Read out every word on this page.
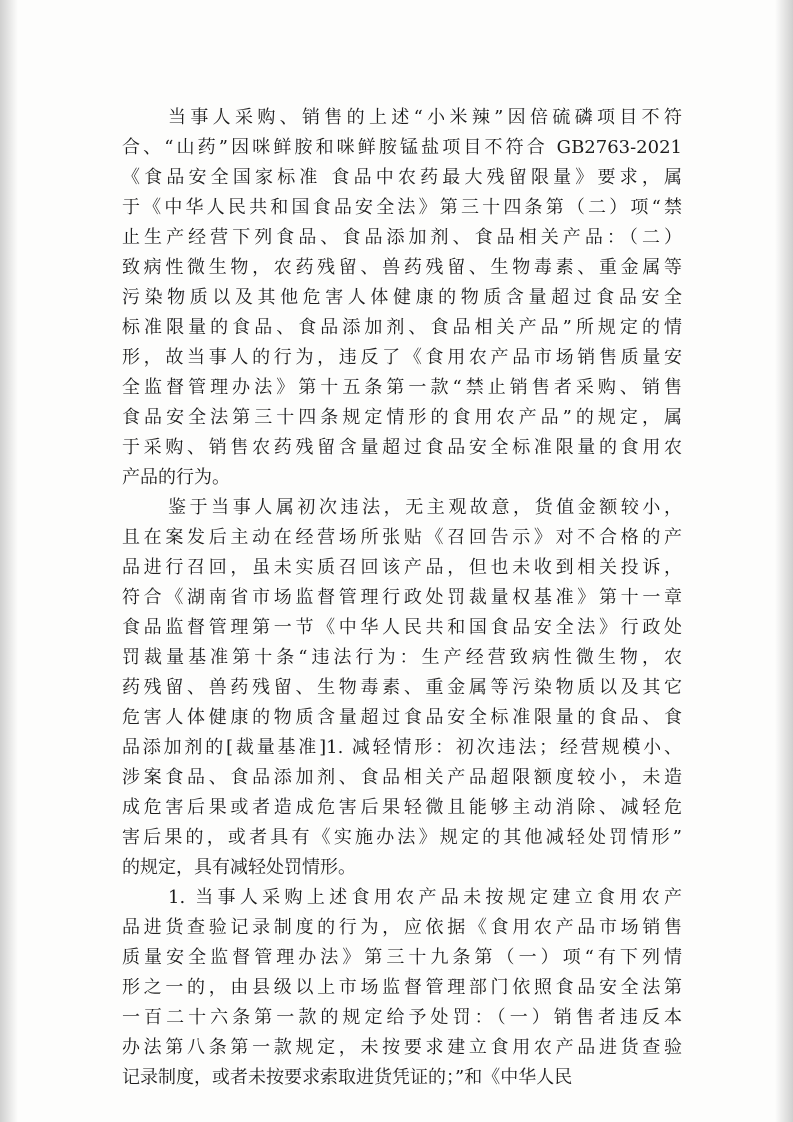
当事人采购、销售的上述“小米辣”因倍硫磷项目不符
合、“山药”因咪鲜胺和咪鲜胺锰盐项目不符合 GB2763-2021
《食品安全国家标准 食品中农药最大残留限量》要求，属
于《中华人民共和国食品安全法》第三十四条第（二）项“禁
止生产经营下列食品、食品添加剂、食品相关产品：（二）
致病性微生物，农药残留、兽药残留、生物毒素、重金属等
污染物质以及其他危害人体健康的物质含量超过食品安全
标准限量的食品、食品添加剂、食品相关产品”所规定的情
形，故当事人的行为，违反了《食用农产品市场销售质量安
全监督管理办法》第十五条第一款“禁止销售者采购、销售
食品安全法第三十四条规定情形的食用农产品”的规定，属
于采购、销售农药残留含量超过食品安全标准限量的食用农
产品的行为。
鉴于当事人属初次违法，无主观故意，货值金额较小，
且在案发后主动在经营场所张贴《召回告示》对不合格的产
品进行召回，虽未实质召回该产品，但也未收到相关投诉，
符合《湖南省市场监督管理行政处罚裁量权基准》第十一章
食品监督管理第一节《中华人民共和国食品安全法》行政处
罚裁量基准第十条“违法行为：生产经营致病性微生物，农
药残留、兽药残留、生物毒素、重金属等污染物质以及其它
危害人体健康的物质含量超过食品安全标准限量的食品、食
品添加剂的[裁量基准]1. 减轻情形：初次违法；经营规模小、
涉案食品、食品添加剂、食品相关产品超限额度较小，未造
成危害后果或者造成危害后果轻微且能够主动消除、减轻危
害后果的，或者具有《实施办法》规定的其他减轻处罚情形”
的规定，具有减轻处罚情形。
1. 当事人采购上述食用农产品未按规定建立食用农产
品进货查验记录制度的行为，应依据《食用农产品市场销售
质量安全监督管理办法》第三十九条第（一）项“有下列情
形之一的，由县级以上市场监督管理部门依照食品安全法第
一百二十六条第一款的规定给予处罚：（一）销售者违反本
办法第八条第一款规定，未按要求建立食用农产品进货查验
记录制度，或者未按要求索取进货凭证的；”和《中华人民
